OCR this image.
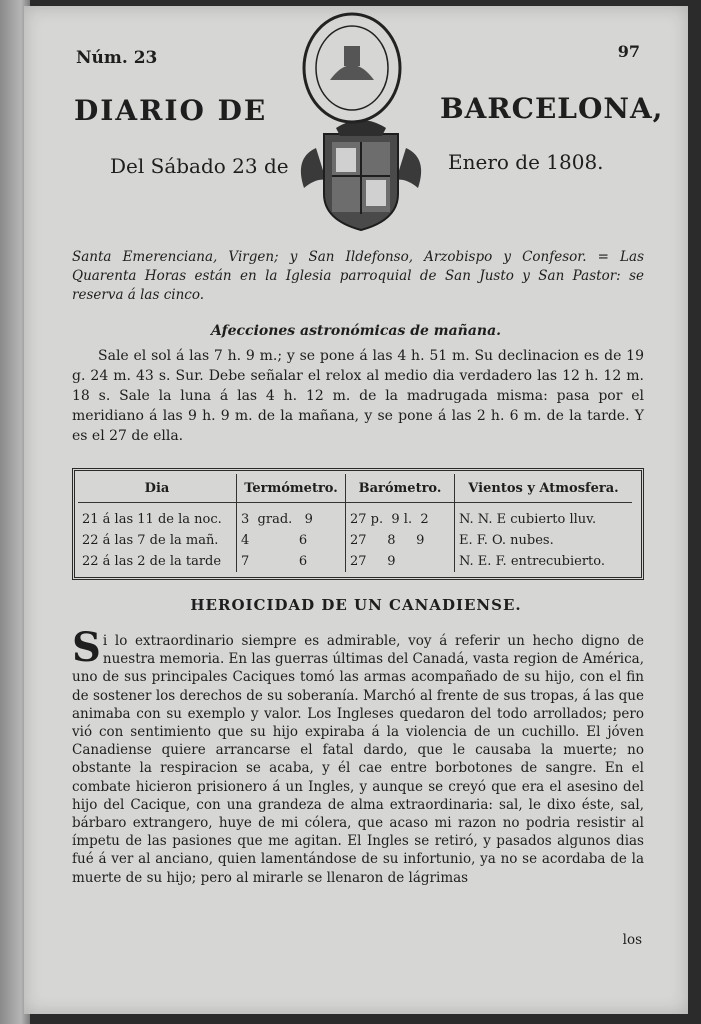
Núm. 23	97
DIARIO DE	BARCELONA,
Del Sábado 23 de	Enero de 1808.
Santa Emerenciana, Virgen; y San Ildefonso, Arzobispo y Confesor. = Las Quarenta Horas están en la Iglesia parroquial de San Justo y San Pastor: se reserva á las cinco.
Afecciones astronómicas de mañana.
Sale el sol á las 7 h. 9 m.; y se pone á las 4 h. 51 m. Su declinacion es de 19 g. 24 m. 43 s. Sur. Debe señalar el relox al medio dia verdadero las 12 h. 12 m. 18 s. Sale la luna á las 4 h. 12 m. de la madrugada misma: pasa por el meridiano á las 9 h. 9 m. de la mañana, y se pone á las 2 h. 6 m. de la tarde. Y es el 27 de ella.
Dia	Termómetro.	Barómetro.	Vientos y Atmosfera.
21 á las 11 de la noc.	3  grad.   9	27 p.  9 l.  2	N. N. E cubierto lluv.
22 á las 7 de la mañ.	4            6	27     8     9	E. F. O. nubes.
22 á las 2 de la tarde	7            6	27     9	N. E. F. entrecubierto.
HEROICIDAD DE UN CANADIENSE.
Si lo extraordinario siempre es admirable, voy á referir un hecho digno de nuestra memoria. En las guerras últimas del Canadá, vasta region de América, uno de sus principales Caciques tomó las armas acompañado de su hijo, con el fin de sostener los derechos de su soberanía. Marchó al frente de sus tropas, á las que animaba con su exemplo y valor. Los Ingleses quedaron del todo arrollados; pero vió con sentimiento que su hijo expiraba á la violencia de un cuchillo. El jóven Canadiense quiere arrancarse el fatal dardo, que le causaba la muerte; no obstante la respiracion se acaba, y él cae entre borbotones de sangre. En el combate hicieron prisionero á un Ingles, y aunque se creyó que era el asesino del hijo del Cacique, con una grandeza de alma extraordinaria: sal, le dixo éste, sal, bárbaro extrangero, huye de mi cólera, que acaso mi razon no podria resistir al ímpetu de las pasiones que me agitan. El Ingles se retiró, y pasados algunos dias fué á ver al anciano, quien lamentándose de su infortunio, ya no se acordaba de la muerte de su hijo; pero al mirarle se llenaron de lágrimas
los
